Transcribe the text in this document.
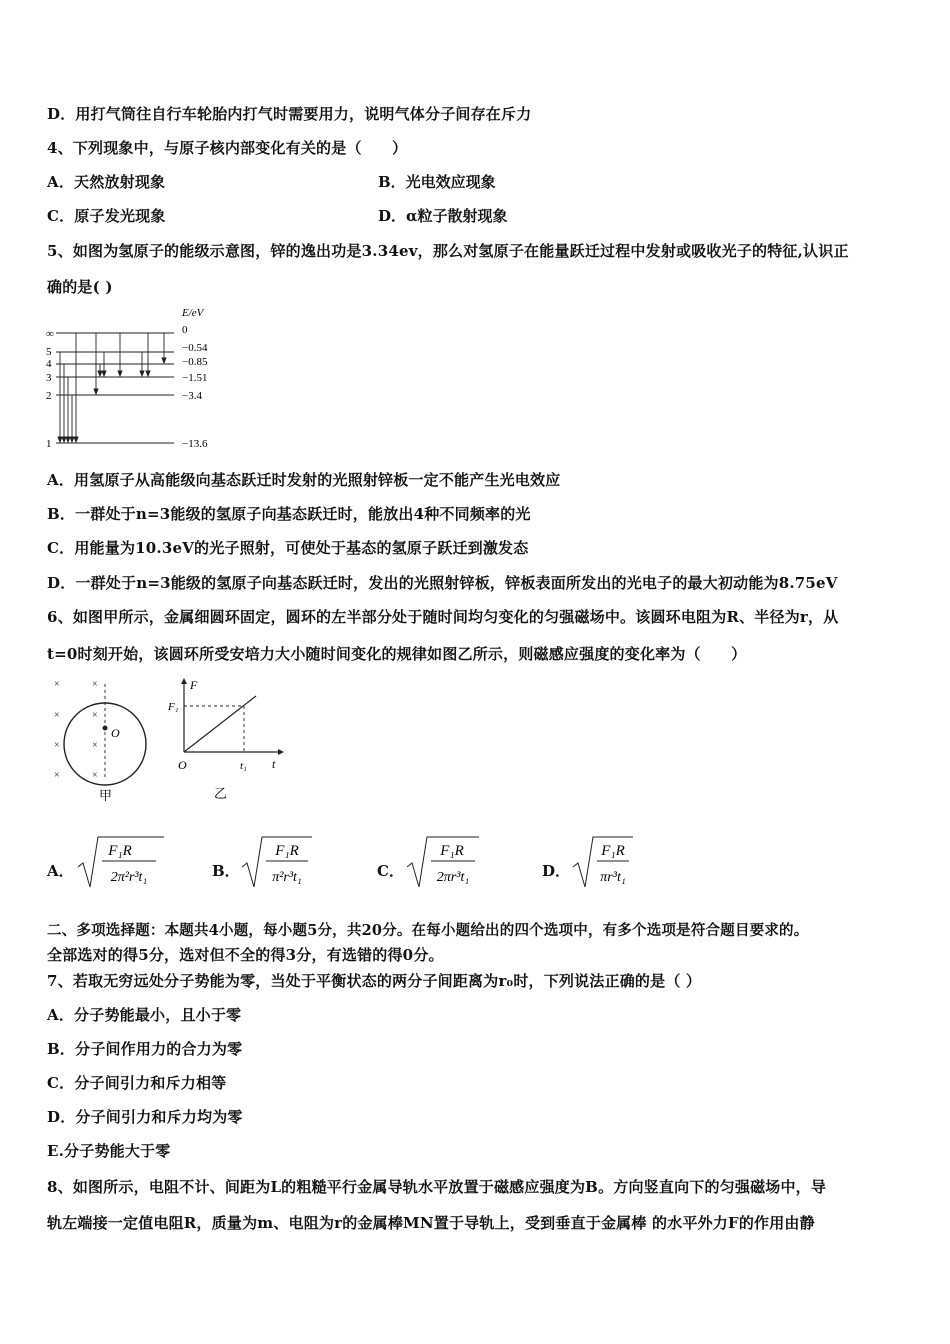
D．用打气筒往自行车轮胎内打气时需要用力，说明气体分子间存在斥力
4、下列现象中，与原子核内部变化有关的是（　　）
A．天然放射现象	B．光电效应现象
C．原子发光现象	D．α粒子散射现象
5、如图为氢原子的能级示意图，锌的逸出功是3.34ev，那么对氢原子在能量跃迁过程中发射或吸收光子的特征,认识正
确的是( )
E/eV
∞
5
4
3
2
1
0
−0.54
−0.85
−1.51
−3.4
−13.6
A．用氢原子从高能级向基态跃迁时发射的光照射锌板一定不能产生光电效应
B．一群处于n=3能级的氢原子向基态跃迁时，能放出4种不同频率的光
C．用能量为10.3eV的光子照射，可使处于基态的氢原子跃迁到激发态
D．一群处于n=3能级的氢原子向基态跃迁时，发出的光照射锌板，锌板表面所发出的光电子的最大初动能为8.75eV
6、如图甲所示，金属细圆环固定，圆环的左半部分处于随时间均匀变化的匀强磁场中。该圆环电阻为R、半径为r，从
t=0时刻开始，该圆环所受安培力大小随时间变化的规律如图乙所示，则磁感应强度的变化率为（　　）
O
×	×
×	×
×	×
×	×
甲
F
F₁
O	t₁ t
乙
A．
F₁R
2π²r³t₁	B．
F₁R
π²r³t₁	C．
F₁R
2πr³t₁	D．
F₁R
πr³t₁
二、多项选择题：本题共4小题，每小题5分，共20分。在每小题给出的四个选项中，有多个选项是符合题目要求的。
全部选对的得5分，选对但不全的得3分，有选错的得0分。
7、若取无穷远处分子势能为零，当处于平衡状态的两分子间距离为r₀时，下列说法正确的是（ ）
A．分子势能最小，且小于零
B．分子间作用力的合力为零
C．分子间引力和斥力相等
D．分子间引力和斥力均为零
E.分子势能大于零
8、如图所示，电阻不计、间距为L的粗糙平行金属导轨水平放置于磁感应强度为B。方向竖直向下的匀强磁场中，导
轨左端接一定值电阻R，质量为m、电阻为r的金属棒MN置于导轨上，受到垂直于金属棒 的水平外力F的作用由静
